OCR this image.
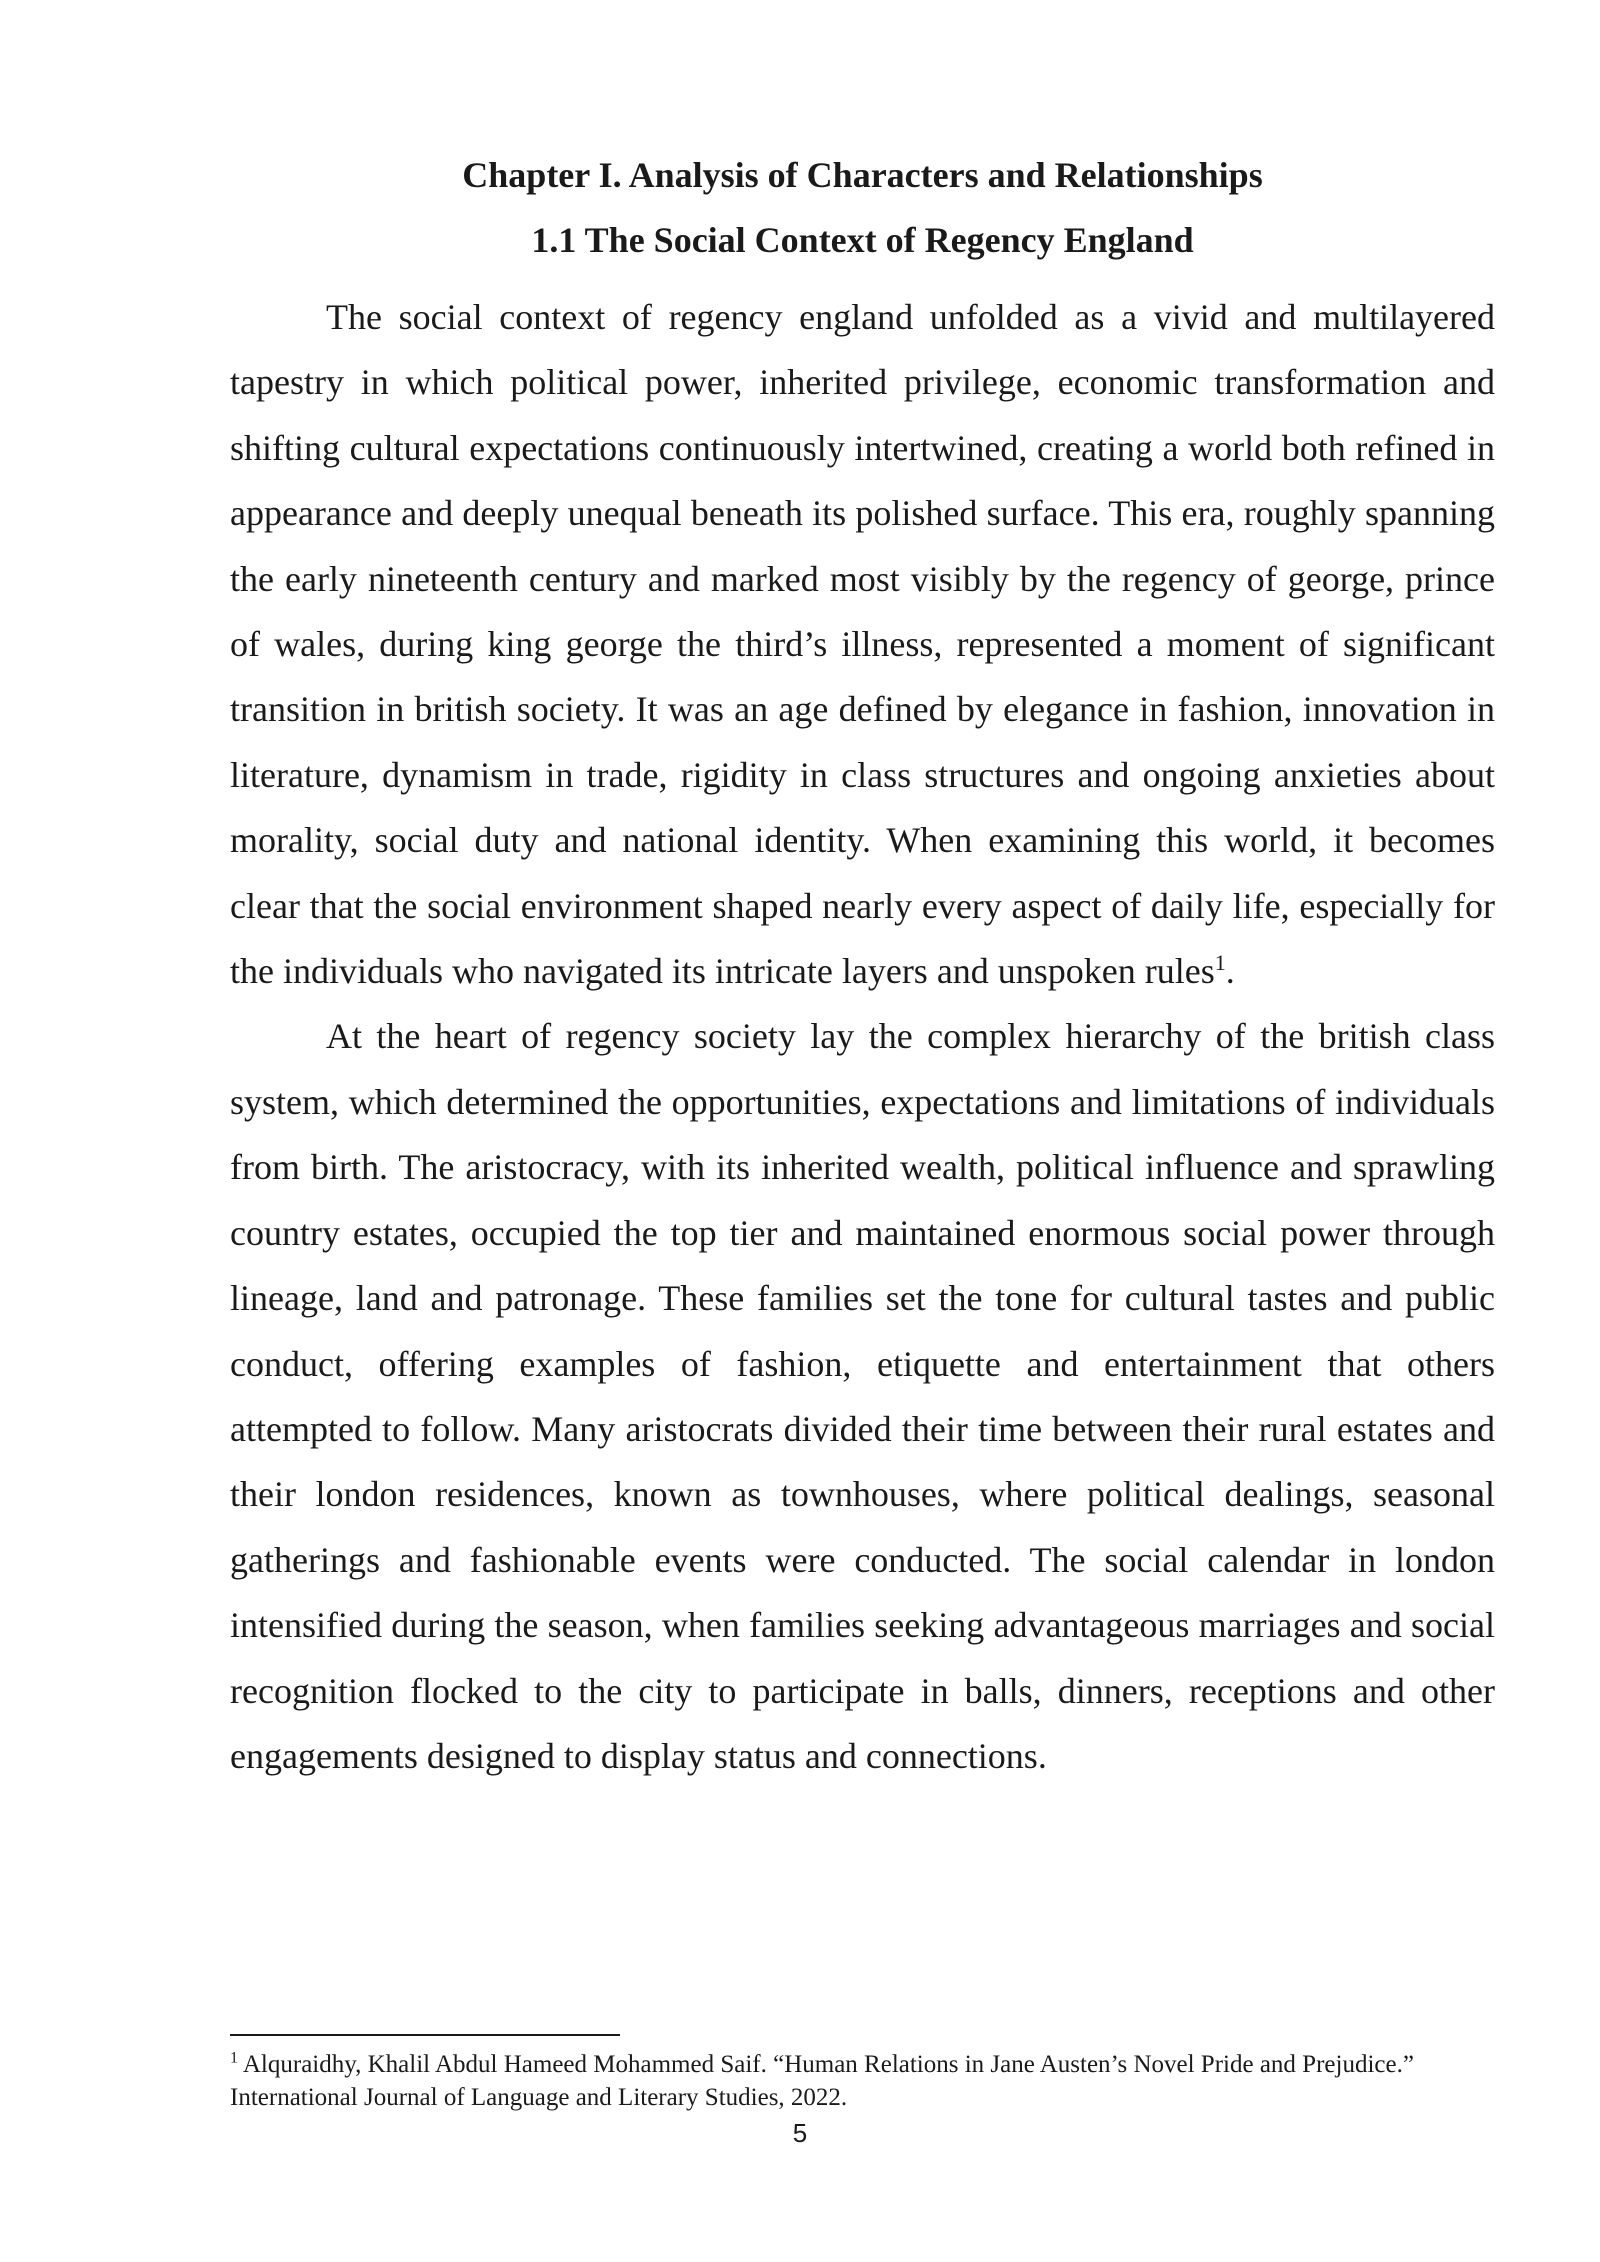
Chapter I. Analysis of Characters and Relationships
1.1 The Social Context of Regency England

The social context of regency england unfolded as a vivid and multilayered tapestry in which political power, inherited privilege, economic transformation and shifting cultural expectations continuously intertwined, creating a world both refined in appearance and deeply unequal beneath its polished surface. This era, roughly spanning the early nineteenth century and marked most visibly by the regency of george, prince of wales, during king george the third’s illness, represented a moment of significant transition in british society. It was an age defined by elegance in fashion, innovation in literature, dynamism in trade, rigidity in class structures and ongoing anxieties about morality, social duty and national identity. When examining this world, it becomes clear that the social environment shaped nearly every aspect of daily life, especially for the individuals who navigated its intricate layers and unspoken rules$^1$.

At the heart of regency society lay the complex hierarchy of the british class system, which determined the opportunities, expectations and limitations of individuals from birth. The aristocracy, with its inherited wealth, political influence and sprawling country estates, occupied the top tier and maintained enormous social power through lineage, land and patronage. These families set the tone for cultural tastes and public conduct, offering examples of fashion, etiquette and entertainment that others attempted to follow. Many aristocrats divided their time between their rural estates and their london residences, known as townhouses, where political dealings, seasonal gatherings and fashionable events were conducted. The social calendar in london intensified during the season, when families seeking advantageous marriages and social recognition flocked to the city to participate in balls, dinners, receptions and other engagements designed to display status and connections.

$^1$ Alquraidhy, Khalil Abdul Hameed Mohammed Saif. “Human Relations in Jane Austen’s Novel Pride and Prejudice.” International Journal of Language and Literary Studies, 2022.

5
